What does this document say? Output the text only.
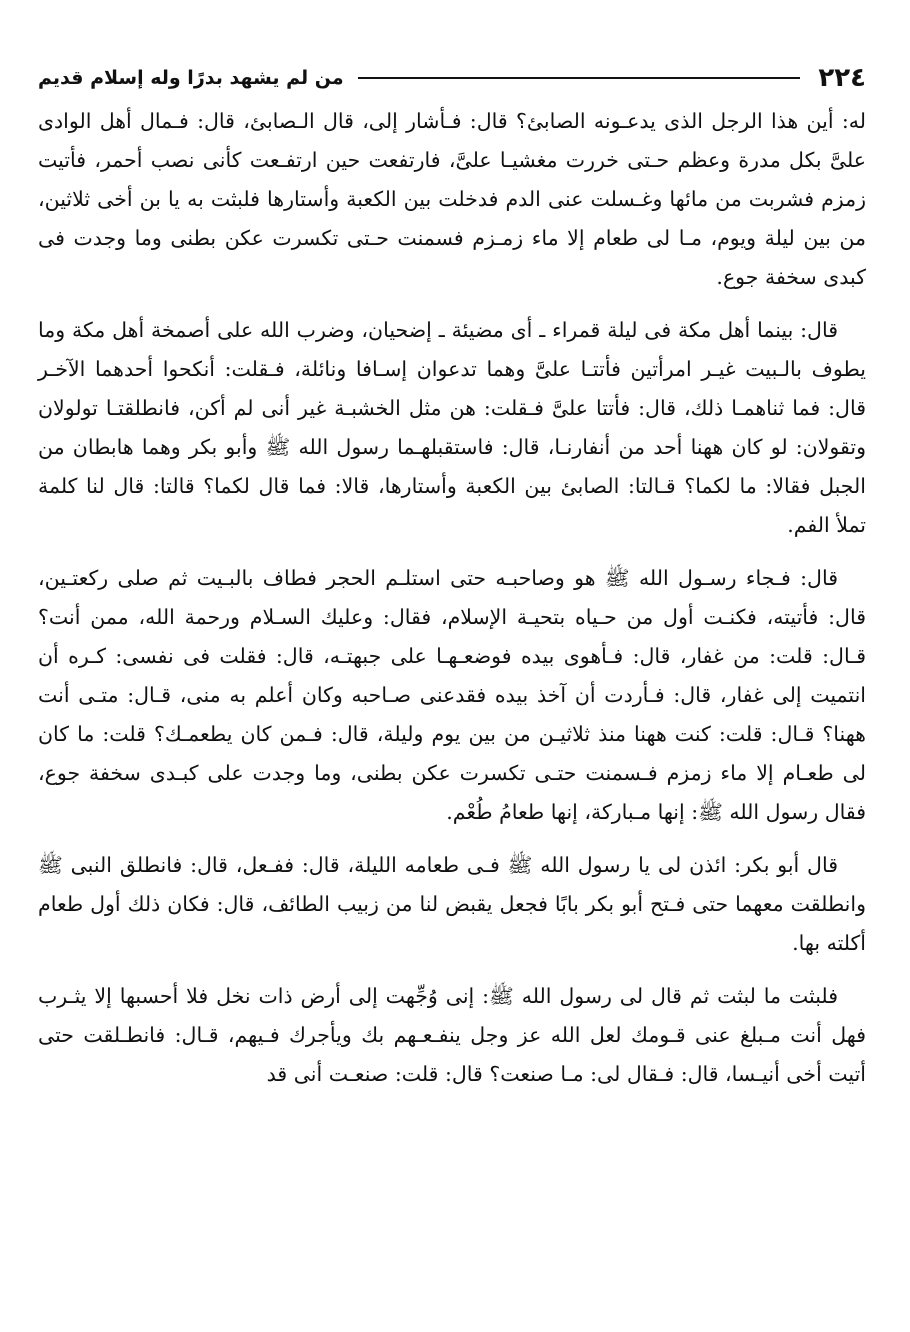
٢٢٤
من لم يشهد بدرًا وله إسلام قديم

له: أين هذا الرجل الذى يدعـونه الصابئ؟ قال: فـأشار إلى، قال الـصابئ، قال: فـمال أهل الوادى علىَّ بكل مدرة وعظم حـتى خررت مغشيـا علىَّ، فارتفعت حين ارتفـعت كأنى نصب أحمر، فأتيت زمزم فشربت من مائها وغـسلت عنى الدم فدخلت بين الكعبة وأستارها فلبثت به يا بن أخى ثلاثين، من بين ليلة ويوم، مـا لى طعام إلا ماء زمـزم فسمنت حـتى تكسرت عكن بطنى وما وجدت فى كبدى سخفة جوع.

قال: بينما أهل مكة فى ليلة قمراء ـ أى مضيئة ـ إضحيان، وضرب الله على أصمخة أهل مكة وما يطوف بالـبيت غيـر امرأتين فأتتـا علىَّ وهما تدعوان إسـافا ونائلة، فـقلت: أنكحوا أحدهما الآخـر قال: فما ثناهمـا ذلك، قال: فأتتا علىَّ فـقلت: هن مثل الخشبـة غير أنى لم أكن، فانطلقتـا تولولان وتقولان: لو كان ههنا أحد من أنفارنـا، قال: فاستقبلهـما رسول الله ﷺ وأبو بكر وهما هابطان من الجبل فقالا: ما لكما؟ قـالتا: الصابئ بين الكعبة وأستارها، قالا: فما قال لكما؟ قالتا: قال لنا كلمة تملأ الفم.

قال: فـجاء رسـول الله ﷺ هو وصاحبـه حتى استلـم الحجر فطاف بالبـيت ثم صلى ركعتـين، قال: فأتيته، فكنـت أول من حـياه بتحيـة الإسلام، فقال: وعليك السـلام ورحمة الله، ممن أنت؟ قـال: قلت: من غفار، قال: فـأهوى بيده فوضعـهـا على جبهتـه، قال: فقلت فى نفسى: كـره أن انتميت إلى غفار، قال: فـأردت أن آخذ بيده فقدعنى صـاحبه وكان أعلم به منى، قـال: متـى أنت ههنا؟ قـال: قلت: كنت ههنا منذ ثلاثيـن من بين يوم وليلة، قال: فـمن كان يطعمـك؟ قلت: ما كان لى طعـام إلا ماء زمزم فـسمنت حتـى تكسرت عكن بطنى، وما وجدت على كبـدى سخفة جوع، فقال رسول الله ﷺ: إنها مـباركة، إنها طعامُ طُعْم.

قال أبو بكر: ائذن لى يا رسول الله ﷺ فـى طعامه الليلة، قال: ففـعل، قال: فانطلق النبى ﷺ وانطلقت معهما حتى فـتح أبو بكر بابًا فجعل يقبض لنا من زبيب الطائف، قال: فكان ذلك أول طعام أكلته بها.

فلبثت ما لبثت ثم قال لى رسول الله ﷺ: إنى وُجِّهت إلى أرض ذات نخل فلا أحسبها إلا يثـرب فهل أنت مـبلغ عنى قـومك لعل الله عز وجل ينفـعـهم بك ويأجرك فـيهم، قـال: فانطـلقت حتى أتيت أخى أنيـسا، قال: فـقال لى: مـا صنعت؟ قال: قلت: صنعـت أنى قد
